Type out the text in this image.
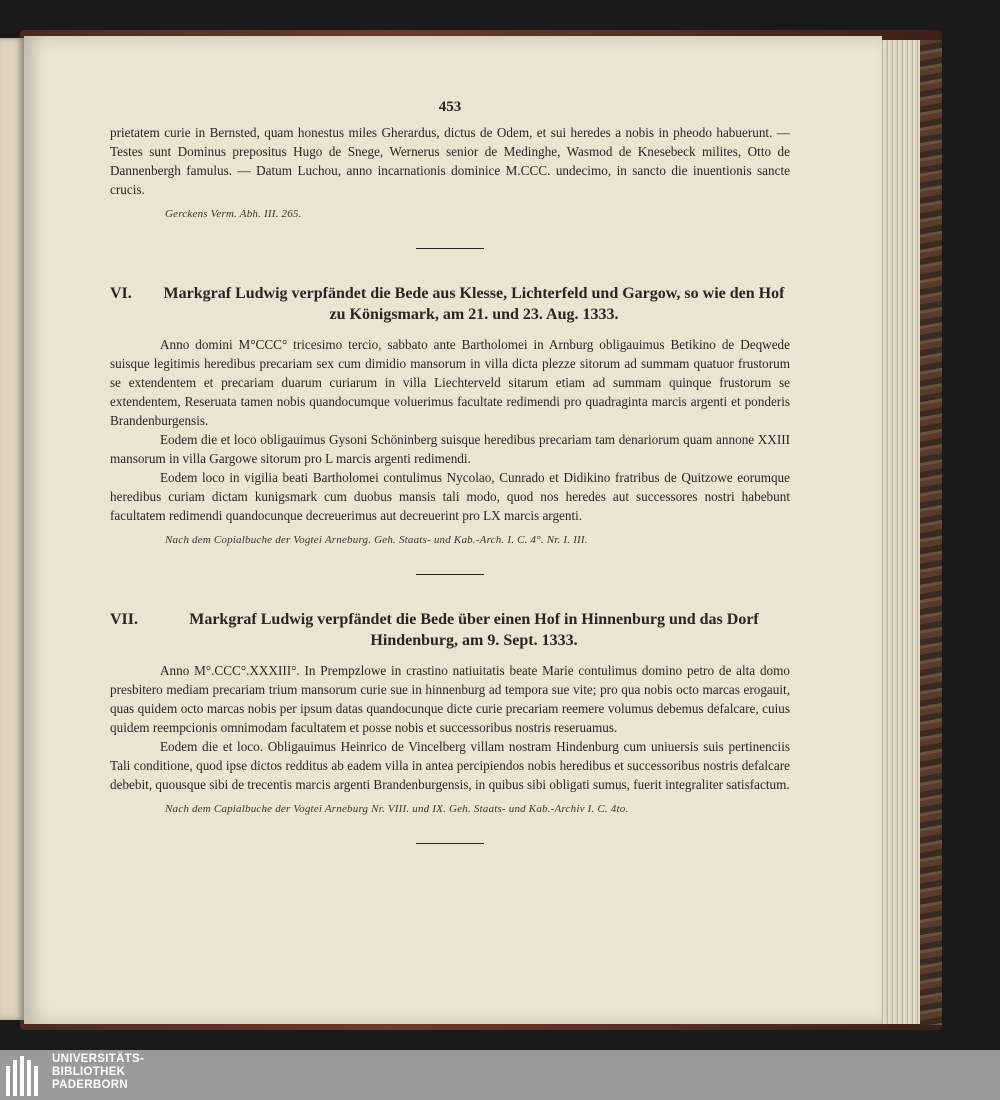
453

prietatem curie in Bernsted, quam honestus miles Gherardus, dictus de Odem, et sui heredes a nobis in pheodo habuerunt. — Testes sunt Dominus prepositus Hugo de Snege, Wernerus senior de Medinghe, Wasmod de Knesebeck milites, Otto de Dannenbergh famulus. — Datum Luchou, anno incarnationis dominice M.CCC. undecimo, in sancto die inuentionis sancte crucis.

Gerckens Verm. Abh. III. 265.
VI.	Markgraf Ludwig verpfändet die Bede aus Klesse, Lichterfeld und Gargow, so wie den Hof zu Königsmark, am 21. und 23. Aug. 1333.

Anno domini M°CCC° tricesimo tercio, sabbato ante Bartholomei in Arnburg obligauimus Betikino de Deqwede suisque legitimis heredibus precariam sex cum dimidio mansorum in villa dicta plezze sitorum ad summam quatuor frustorum se extendentem et precariam duarum curiarum in villa Liechterveld sitarum etiam ad summam quinque frustorum se extendentem, Reseruata tamen nobis quandocumque voluerimus facultate redimendi pro quadraginta marcis argenti et ponderis Brandenburgensis.

Eodem die et loco obligauimus Gysoni Schöninberg suisque heredibus precariam tam denariorum quam annone XXIII mansorum in villa Gargowe sitorum pro L marcis argenti redimendi.

Eodem loco in vigilia beati Bartholomei contulimus Nycolao, Cunrado et Didikino fratribus de Quitzowe eorumque heredibus curiam dictam kunigsmark cum duobus mansis tali modo, quod nos heredes aut successores nostri habebunt facultatem redimendi quandocunque decreuerimus aut decreuerint pro LX marcis argenti.

Nach dem Copialbuche der Vogtei Arneburg. Geh. Staats- und Kab.-Arch. I. C. 4°. Nr. I. III.
VII.	Markgraf Ludwig verpfändet die Bede über einen Hof in Hinnenburg und das Dorf Hindenburg, am 9. Sept. 1333.

Anno M°.CCC°.XXXIII°. In Prempzlowe in crastino natiuitatis beate Marie contulimus domino petro de alta domo presbitero mediam precariam trium mansorum curie sue in hinnenburg ad tempora sue vite; pro qua nobis octo marcas erogauit, quas quidem octo marcas nobis per ipsum datas quandocunque dicte curie precariam reemere volumus debemus defalcare, cuius quidem reempcionis omnimodam facultatem et posse nobis et successoribus nostris reseruamus.

Eodem die et loco. Obligauimus Heinrico de Vincelberg villam nostram Hindenburg cum uniuersis suis pertinenciis Tali conditione, quod ipse dictos redditus ab eadem villa in antea percipiendos nobis heredibus et successoribus nostris defalcare debebit, quousque sibi de trecentis marcis argenti Brandenburgensis, in quibus sibi obligati sumus, fuerit integraliter satisfactum.

Nach dem Capialbuche der Vogtei Arneburg Nr. VIII. und IX. Geh. Staats- und Kab.-Archiv I. C. 4to.
UNIVERSITÄTS-
BIBLIOTHEK
PADERBORN
